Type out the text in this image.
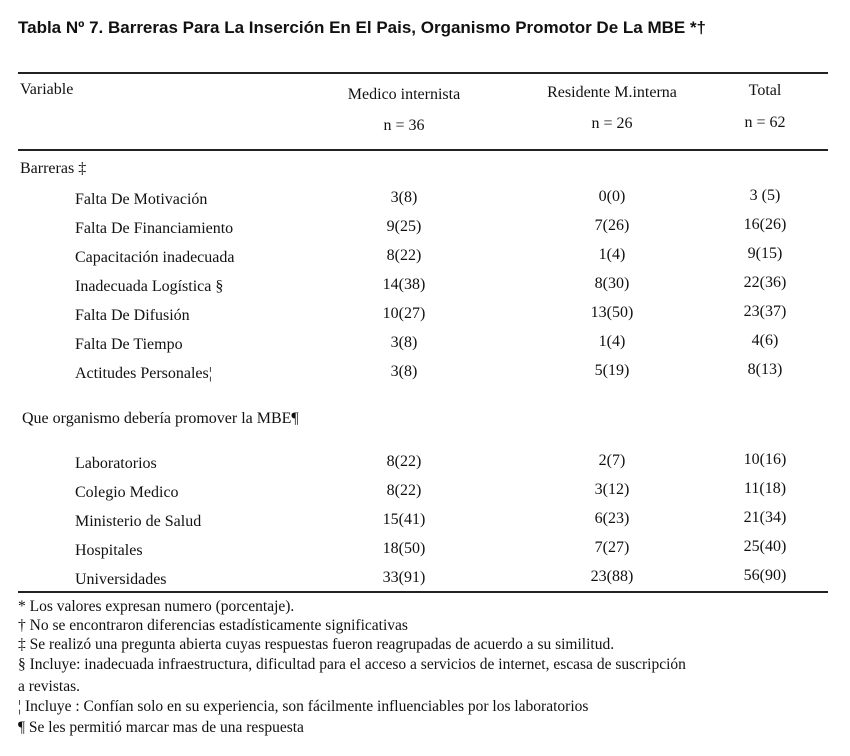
Tabla Nº 7. Barreras Para La Inserción En El Pais, Organismo Promotor De La MBE *†
Variable	Medico internista	Residente M.interna	Total
n = 36	n = 26	n = 62
Barreras ‡
Falta De Motivación	3(8)	0(0)	3 (5)
Falta De Financiamiento	9(25)	7(26)	16(26)
Capacitación inadecuada	8(22)	1(4)	9(15)
Inadecuada Logística §	14(38)	8(30)	22(36)
Falta De Difusión	10(27)	13(50)	23(37)
Falta De Tiempo	3(8)	1(4)	4(6)
Actitudes Personales¦	3(8)	5(19)	8(13)
Que organismo debería promover la MBE¶
Laboratorios	8(22)	2(7)	10(16)
Colegio Medico	8(22)	3(12)	11(18)
Ministerio de Salud	15(41)	6(23)	21(34)
Hospitales	18(50)	7(27)	25(40)
Universidades	33(91)	23(88)	56(90)
* Los valores expresan numero (porcentaje).
† No se encontraron diferencias estadísticamente significativas
‡ Se realizó una pregunta abierta cuyas respuestas fueron reagrupadas de acuerdo a su similitud.
§ Incluye: inadecuada infraestructura, dificultad para el acceso a servicios de internet, escasa de suscripción
a revistas.
¦ Incluye : Confían solo en su experiencia, son fácilmente influenciables por los laboratorios
¶ Se les permitió marcar mas de una respuesta
